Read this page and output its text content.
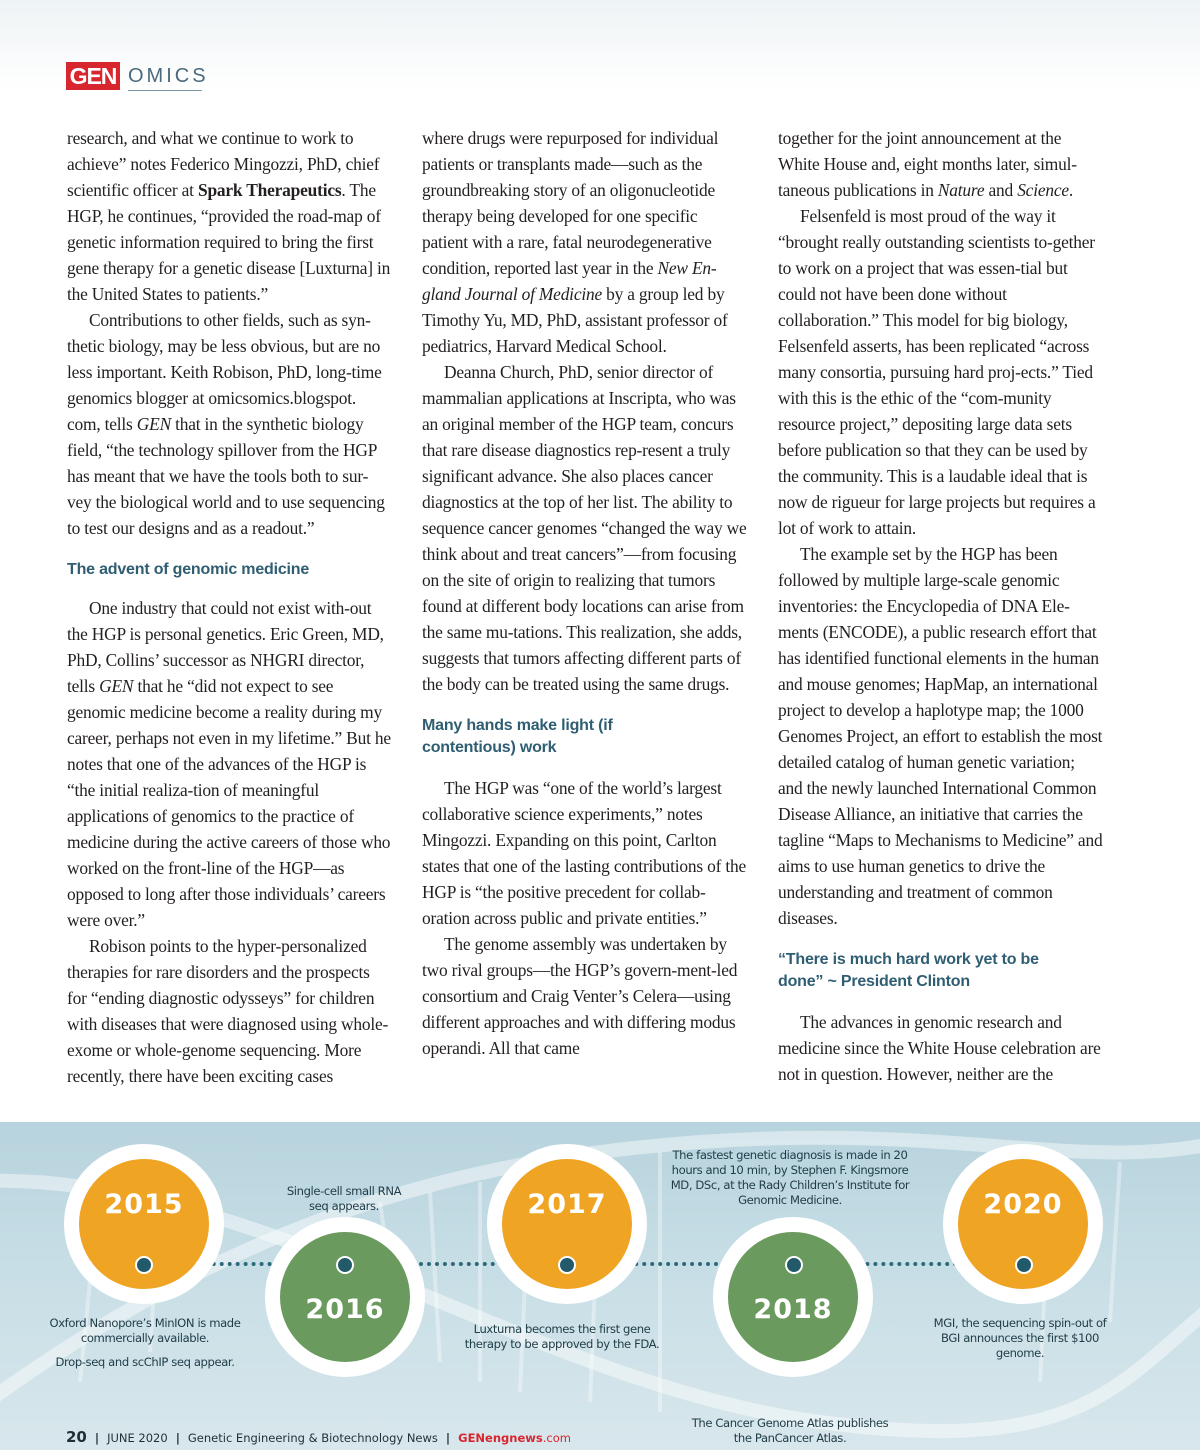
GEN OMICS

research, and what we continue to work to achieve” notes Federico Mingozzi, PhD, chief scientific officer at Spark Therapeutics. The HGP, he continues, “provided the road-map of genetic information required to bring the first gene therapy for a genetic disease [Luxturna] in the United States to patients.”

Contributions to other fields, such as syn-thetic biology, may be less obvious, but are no less important. Keith Robison, PhD, long-time genomics blogger at omicsomics.blogspot. com, tells GEN that in the synthetic biology field, “the technology spillover from the HGP has meant that we have the tools both to sur-vey the biological world and to use sequencing to test our designs and as a readout.”

The advent of genomic medicine

One industry that could not exist with-out the HGP is personal genetics. Eric Green, MD, PhD, Collins’ successor as NHGRI director, tells GEN that he “did not expect to see genomic medicine become a reality during my career, perhaps not even in my lifetime.” But he notes that one of the advances of the HGP is “the initial realiza-tion of meaningful applications of genomics to the practice of medicine during the active careers of those who worked on the front-line of the HGP—as opposed to long after those individuals’ careers were over.”

Robison points to the hyper-personalized therapies for rare disorders and the prospects for “ending diagnostic odysseys” for children with diseases that were diagnosed using whole-exome or whole-genome sequencing. More recently, there have been exciting cases

where drugs were repurposed for individual patients or transplants made—such as the groundbreaking story of an oligonucleotide therapy being developed for one specific patient with a rare, fatal neurodegenerative condition, reported last year in the New En-gland Journal of Medicine by a group led by Timothy Yu, MD, PhD, assistant professor of pediatrics, Harvard Medical School.

Deanna Church, PhD, senior director of mammalian applications at Inscripta, who was an original member of the HGP team, concurs that rare disease diagnostics rep-resent a truly significant advance. She also places cancer diagnostics at the top of her list. The ability to sequence cancer genomes “changed the way we think about and treat cancers”—from focusing on the site of origin to realizing that tumors found at different body locations can arise from the same mu-tations. This realization, she adds, suggests that tumors affecting different parts of the body can be treated using the same drugs.

Many hands make light (if contentious) work

The HGP was “one of the world’s largest collaborative science experiments,” notes Mingozzi. Expanding on this point, Carlton states that one of the lasting contributions of the HGP is “the positive precedent for collab-oration across public and private entities.”

The genome assembly was undertaken by two rival groups—the HGP’s govern-ment-led consortium and Craig Venter’s Celera—using different approaches and with differing modus operandi. All that came

together for the joint announcement at the White House and, eight months later, simul-taneous publications in Nature and Science.

Felsenfeld is most proud of the way it “brought really outstanding scientists to-gether to work on a project that was essen-tial but could not have been done without collaboration.” This model for big biology, Felsenfeld asserts, has been replicated “across many consortia, pursuing hard proj-ects.” Tied with this is the ethic of the “com-munity resource project,” depositing large data sets before publication so that they can be used by the community. This is a laudable ideal that is now de rigueur for large projects but requires a lot of work to attain.

The example set by the HGP has been followed by multiple large-scale genomic inventories: the Encyclopedia of DNA Ele-ments (ENCODE), a public research effort that has identified functional elements in the human and mouse genomes; HapMap, an international project to develop a haplotype map; the 1000 Genomes Project, an effort to establish the most detailed catalog of human genetic variation; and the newly launched International Common Disease Alliance, an initiative that carries the tagline “Maps to Mechanisms to Medicine” and aims to use human genetics to drive the understanding and treatment of common diseases.

“There is much hard work yet to be done” ~ President Clinton

The advances in genomic research and medicine since the White House celebration are not in question. However, neither are the

2015
2016
2017
2018
2020
Oxford Nanopore’s MinION is made commercially available.
Drop-seq and scChIP seq appear.
Single-cell small RNA seq appears.
Luxturna becomes the first gene therapy to be approved by the FDA.
The fastest genetic diagnosis is made in 20 hours and 10 min, by Stephen F. Kingsmore MD, DSc, at the Rady Children’s Institute for Genomic Medicine.
The Cancer Genome Atlas publishes the PanCancer Atlas.
MGI, the sequencing spin-out of BGI announces the first $100 genome.
20 | JUNE 2020 | Genetic Engineering & Biotechnology News | GENengnews.com
